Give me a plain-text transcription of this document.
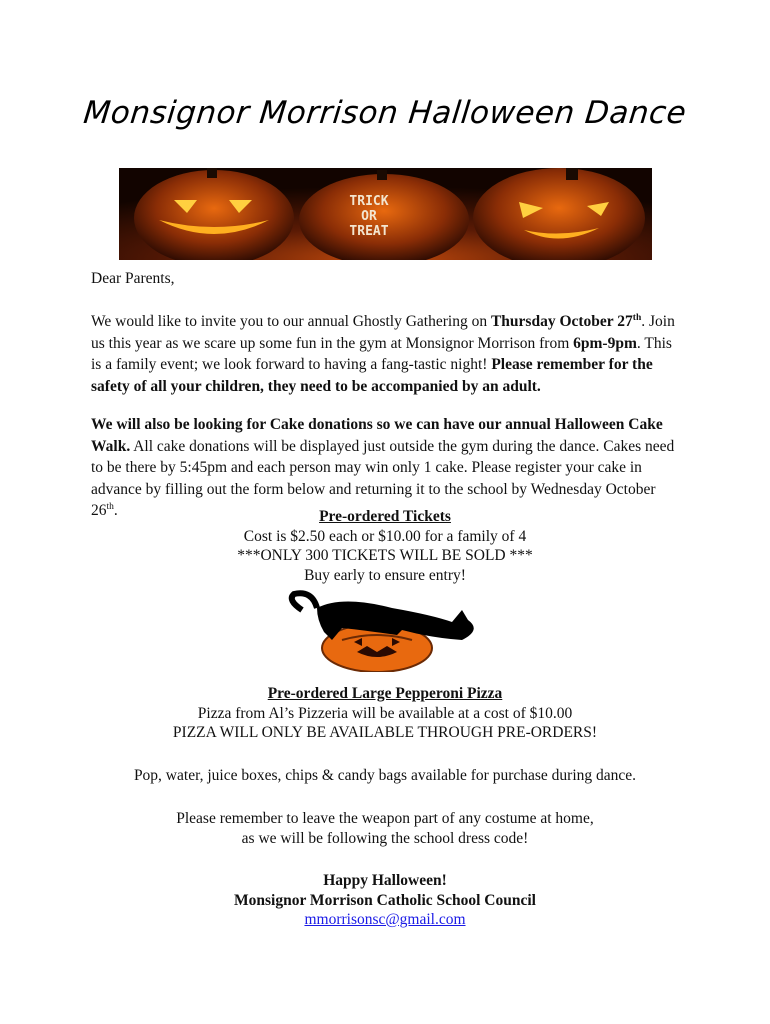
Monsignor Morrison Halloween Dance
TRICK
OR
TREAT

Dear Parents,

We would like to invite you to our annual Ghostly Gathering on Thursday October 27th. Join us this year as we scare up some fun in the gym at Monsignor Morrison from 6pm-9pm. This is a family event; we look forward to having a fang-tastic night! Please remember for the safety of all your children, they need to be accompanied by an adult.

We will also be looking for Cake donations so we can have our annual Halloween Cake Walk. All cake donations will be displayed just outside the gym during the dance. Cakes need to be there by 5:45pm and each person may win only 1 cake. Please register your cake in advance by filling out the form below and returning it to the school by Wednesday October 26th.	Pre-ordered Tickets
Cost is $2.50 each or $10.00 for a family of 4
***ONLY 300 TICKETS WILL BE SOLD ***
Buy early to ensure entry!
Pre-ordered Large Pepperoni Pizza
Pizza from Al’s Pizzeria will be available at a cost of $10.00
PIZZA WILL ONLY BE AVAILABLE THROUGH PRE-ORDERS!
Pop, water, juice boxes, chips & candy bags available for purchase during dance.
Please remember to leave the weapon part of any costume at home,
as we will be following the school dress code!
Happy Halloween!
Monsignor Morrison Catholic School Council
mmorrisonsc@gmail.com
